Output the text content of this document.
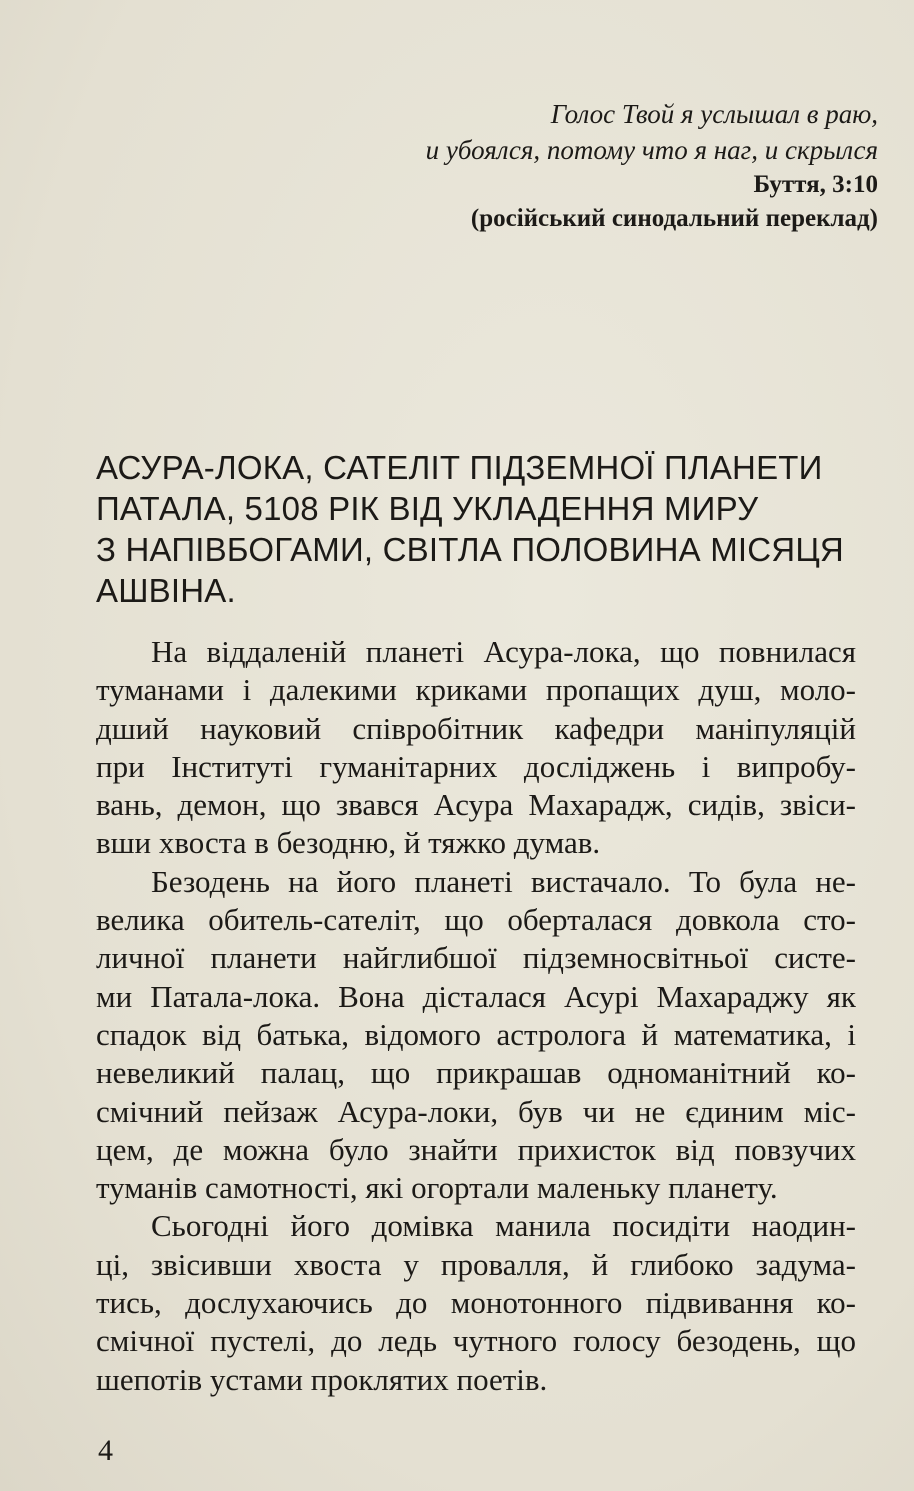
Голос Твой я услышал в раю,
и убоялся, потому что я наг, и скрылся
Буття, 3:10
(російський синодальний переклад)
АСУРА-ЛОКА, САТЕЛІТ ПІДЗЕМНОЇ ПЛАНЕТИ
ПАТАЛА, 5108 РІК ВІД УКЛАДЕННЯ МИРУ
З НАПІВБОГАМИ, СВІТЛА ПОЛОВИНА МІСЯЦЯ
АШВІНА.
На віддаленій планеті Асура-лока, що повнилася
туманами і далекими криками пропащих душ, моло-
дший науковий співробітник кафедри маніпуляцій
при Інституті гуманітарних досліджень і випробу-
вань, демон, що звався Асура Махарадж, сидів, звіси-
вши хвоста в безодню, й тяжко думав.
Безодень на його планеті вистачало. То була не-
велика обитель-сателіт, що оберталася довкола сто-
личної планети найглибшої підземносвітньої систе-
ми Патала-лока. Вона дісталася Асурі Махараджу як
спадок від батька, відомого астролога й математика, і
невеликий палац, що прикрашав одноманітний ко-
смічний пейзаж Асура-локи, був чи не єдиним міс-
цем, де можна було знайти прихисток від повзучих
туманів самотності, які огортали маленьку планету.
Сьогодні його домівка манила посидіти наодин-
ці, звісивши хвоста у провалля, й глибоко задума-
тись, дослухаючись до монотонного підвивання ко-
смічної пустелі, до ледь чутного голосу безодень, що
шепотів устами проклятих поетів.
4
